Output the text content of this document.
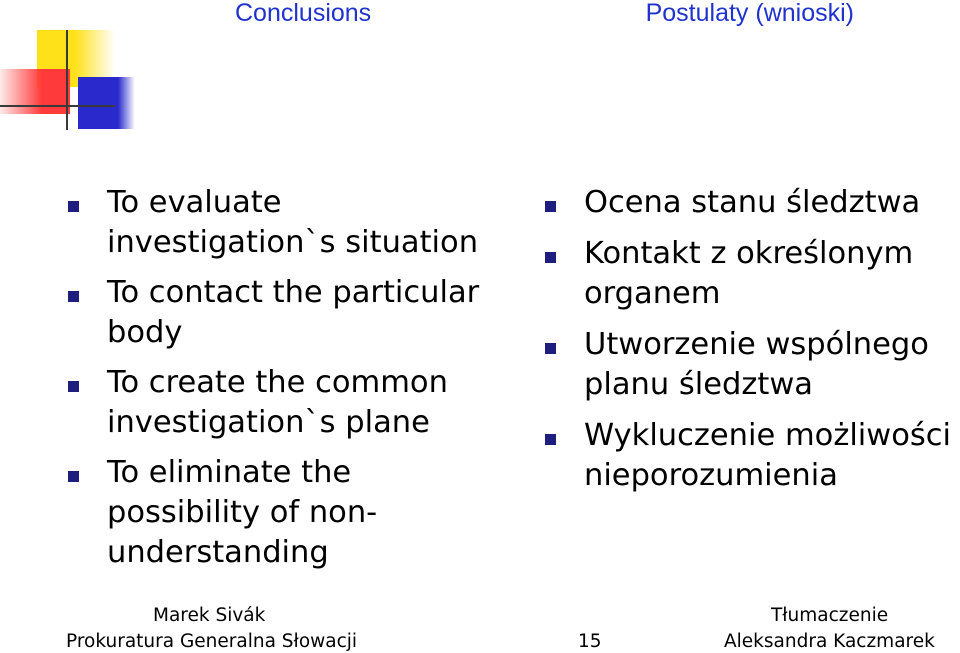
Conclusions	Postulaty (wnioski)
To evaluate
investigation`s situation
To contact the particular
body
To create the common
investigation`s plane
To eliminate the
possibility of non-
understanding
Ocena stanu śledztwa
Kontakt z określonym
organem
Utworzenie wspólnego
planu śledztwa
Wykluczenie możliwości
nieporozumienia
Marek Sivák
Prokuratura Generalna Słowacji	15
Tłumaczenie
Aleksandra Kaczmarek
